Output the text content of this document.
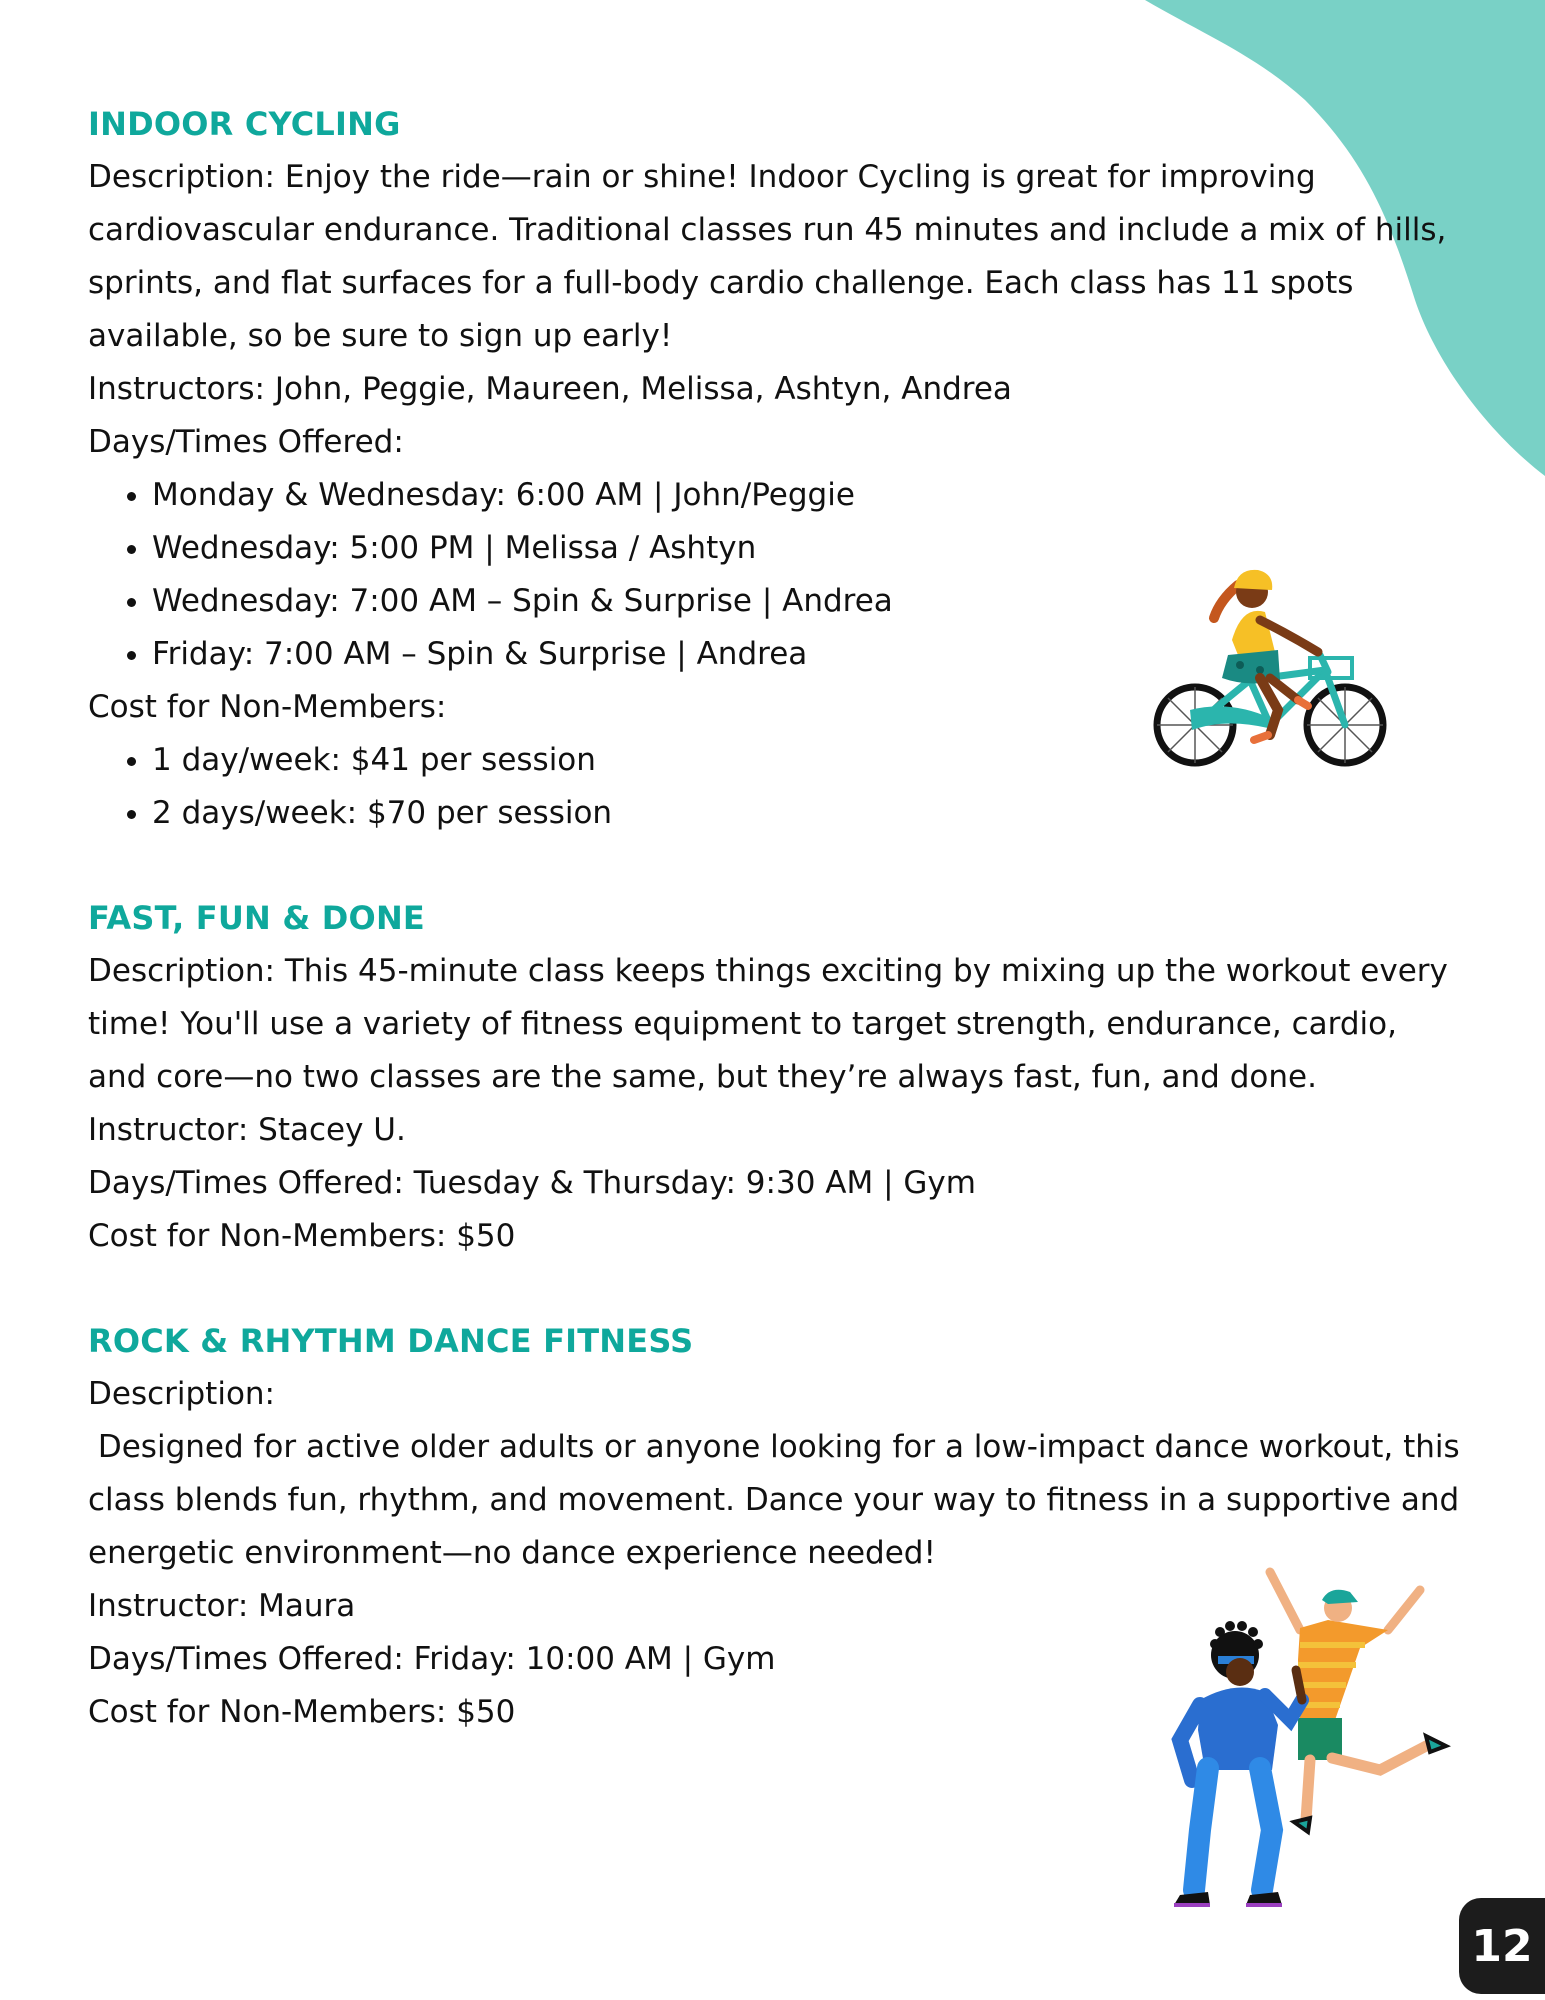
INDOOR CYCLING

Description: Enjoy the ride—rain or shine! Indoor Cycling is great for improving cardiovascular endurance. Traditional classes run 45 minutes and include a mix of hills, sprints, and flat surfaces for a full-body cardio challenge. Each class has 11 spots available, so be sure to sign up early!

Instructors: John, Peggie, Maureen, Melissa, Ashtyn, Andrea

Days/Times Offered:

• Monday & Wednesday: 6:00 AM | John/Peggie
• Wednesday: 5:00 PM | Melissa / Ashtyn
• Wednesday: 7:00 AM – Spin & Surprise | Andrea
• Friday: 7:00 AM – Spin & Surprise | Andrea

Cost for Non-Members:

• 1 day/week: $41 per session
• 2 days/week: $70 per session
FAST, FUN & DONE

Description: This 45-minute class keeps things exciting by mixing up the workout every time! You'll use a variety of fitness equipment to target strength, endurance, cardio, and core—no two classes are the same, but they’re always fast, fun, and done.

Instructor: Stacey U.

Days/Times Offered: Tuesday & Thursday: 9:30 AM | Gym

Cost for Non-Members: $50

ROCK & RHYTHM DANCE FITNESS

Description:

Designed for active older adults or anyone looking for a low-impact dance workout, this class blends fun, rhythm, and movement. Dance your way to fitness in a supportive and energetic environment—no dance experience needed!

Instructor: Maura

Days/Times Offered: Friday: 10:00 AM | Gym

Cost for Non-Members: $50

12
